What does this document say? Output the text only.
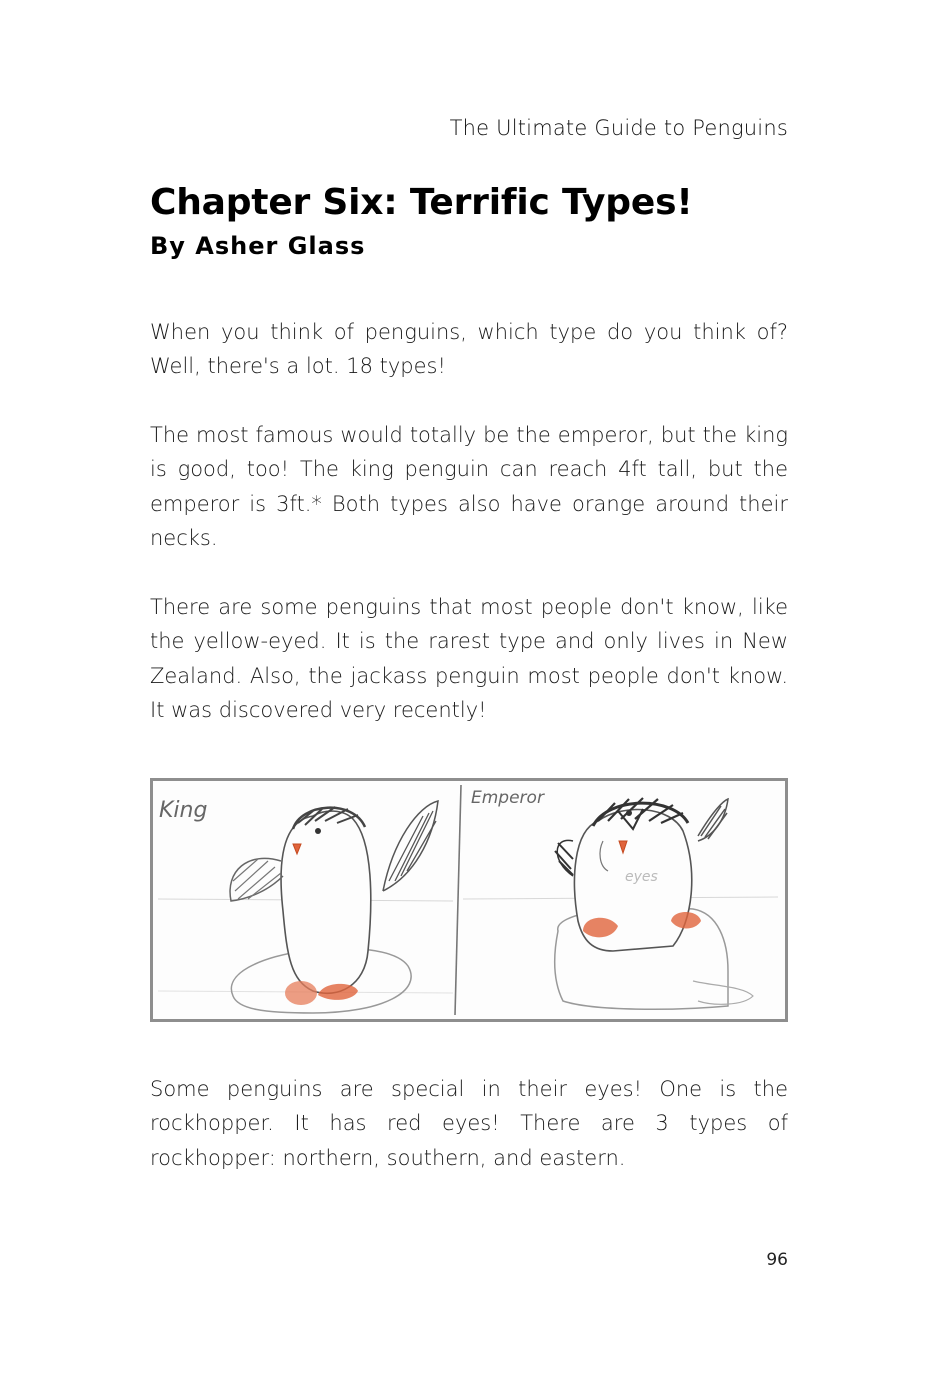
The Ultimate Guide to Penguins
Chapter Six: Terrific Types!
By Asher Glass

When you think of penguins, which type do you think of? Well, there's a lot. 18 types!

The most famous would totally be the emperor, but the king is good, too! The king penguin can reach 4ft tall, but the emperor is 3ft.* Both types also have orange around their necks.

There are some penguins that most people don't know, like the yellow-eyed. It is the rarest type and only lives in New Zealand. Also, the jackass penguin most people don't know. It was discovered very recently!

King	Emperor
eyes

Some penguins are special in their eyes! One is the rockhopper. It has red eyes! There are 3 types of rockhopper: northern, southern, and eastern.

96
